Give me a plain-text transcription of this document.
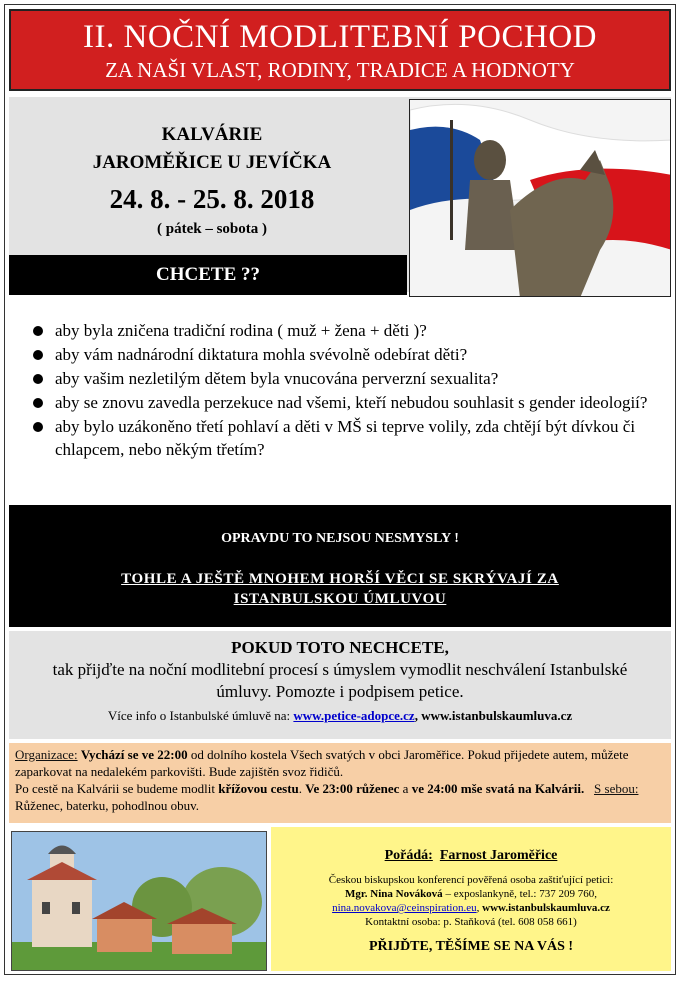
II. NOČNÍ MODLITEBNÍ POCHOD
ZA NAŠI VLAST, RODINY, TRADICE A HODNOTY
KALVÁRIE
JAROMĚŘICE U JEVÍČKA
24. 8. - 25. 8. 2018
( pátek – sobota )
CHCETE ??
aby byla zničena tradiční rodina ( muž + žena + děti )?
aby vám nadnárodní diktatura mohla svévolně odebírat děti?
aby vašim nezletilým dětem byla vnucována perverzní sexualita?
aby se znovu zavedla perzekuce nad všemi, kteří nebudou souhlasit s gender ideologií?
aby bylo uzákoněno třetí pohlaví a děti v MŠ si teprve volily, zda chtějí být dívkou či chlapcem, nebo někým třetím?
OPRAVDU TO NEJSOU NESMYSLY !
TOHLE A JEŠTĚ MNOHEM HORŠÍ VĚCI SE SKRÝVAJÍ ZA ISTANBULSKOU ÚMLUVOU
POKUD TOTO NECHCETE,
tak přijďte na noční modlitební procesí s úmyslem vymodlit neschválení Istanbulské úmluvy. Pomozte i podpisem petice.
Více info o Istanbulské úmluvě na: www.petice-adopce.cz, www.istanbulskaumluva.cz
Organizace: Vychází se ve 22:00 od dolního kostela Všech svatých v obci Jaroměřice. Pokud přijedete autem, můžete zaparkovat na nedalekém parkovišti. Bude zajištěn svoz řidičů.
Po cestě na Kalvárii se budeme modlit křížovou cestu. Ve 23:00 růženec a ve 24:00 mše svatá na Kalvárii. S sebou: Růženec, baterku, pohodlnou obuv.
Pořádá: Farnost Jaroměřice
Českou biskupskou konferencí pověřená osoba zaštiťující petici:
Mgr. Nina Nováková – exposlankyně, tel.: 737 209 760,
nina.novakova@ceinspiration.eu, www.istanbulskaumluva.cz
Kontaktní osoba: p. Staňková (tel. 608 058 661)
PŘIJĎTE, TĚŠÍME SE NA VÁS !
